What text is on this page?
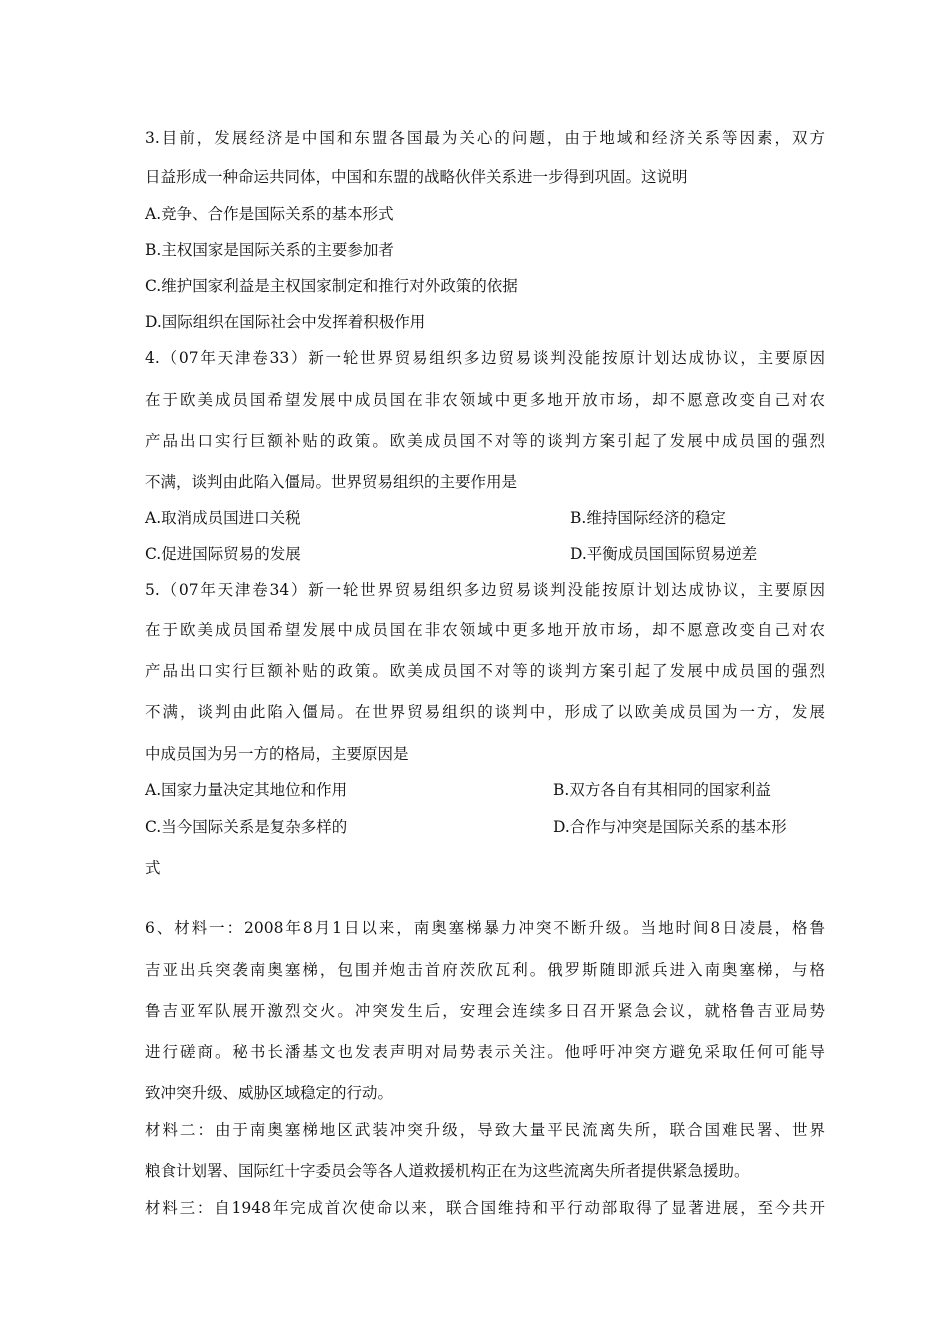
3.目前，发展经济是中国和东盟各国最为关心的问题，由于地域和经济关系等因素，双方
日益形成一种命运共同体，中国和东盟的战略伙伴关系进一步得到巩固。这说明
A.竞争、合作是国际关系的基本形式
B.主权国家是国际关系的主要参加者
C.维护国家利益是主权国家制定和推行对外政策的依据
D.国际组织在国际社会中发挥着积极作用
4.（07年天津卷33）新一轮世界贸易组织多边贸易谈判没能按原计划达成协议，主要原因
在于欧美成员国希望发展中成员国在非农领域中更多地开放市场，却不愿意改变自己对农
产品出口实行巨额补贴的政策。欧美成员国不对等的谈判方案引起了发展中成员国的强烈
不满，谈判由此陷入僵局。世界贸易组织的主要作用是
A.取消成员国进口关税	B.维持国际经济的稳定
C.促进国际贸易的发展	D.平衡成员国国际贸易逆差
5.（07年天津卷34）新一轮世界贸易组织多边贸易谈判没能按原计划达成协议，主要原因
在于欧美成员国希望发展中成员国在非农领域中更多地开放市场，却不愿意改变自己对农
产品出口实行巨额补贴的政策。欧美成员国不对等的谈判方案引起了发展中成员国的强烈
不满，谈判由此陷入僵局。在世界贸易组织的谈判中，形成了以欧美成员国为一方，发展
中成员国为另一方的格局，主要原因是
A.国家力量决定其地位和作用	B.双方各自有其相同的国家利益
C.当今国际关系是复杂多样的	D.合作与冲突是国际关系的基本形
式
6、材料一：2008年8月1日以来，南奥塞梯暴力冲突不断升级。当地时间8日凌晨，格鲁
吉亚出兵突袭南奥塞梯，包围并炮击首府茨欣瓦利。俄罗斯随即派兵进入南奥塞梯，与格
鲁吉亚军队展开激烈交火。冲突发生后，安理会连续多日召开紧急会议，就格鲁吉亚局势
进行磋商。秘书长潘基文也发表声明对局势表示关注。他呼吁冲突方避免采取任何可能导
致冲突升级、威胁区域稳定的行动。
材料二：由于南奥塞梯地区武装冲突升级，导致大量平民流离失所，联合国难民署、世界
粮食计划署、国际红十字委员会等各人道救援机构正在为这些流离失所者提供紧急援助。
材料三：自1948年完成首次使命以来，联合国维持和平行动部取得了显著进展，至今共开
